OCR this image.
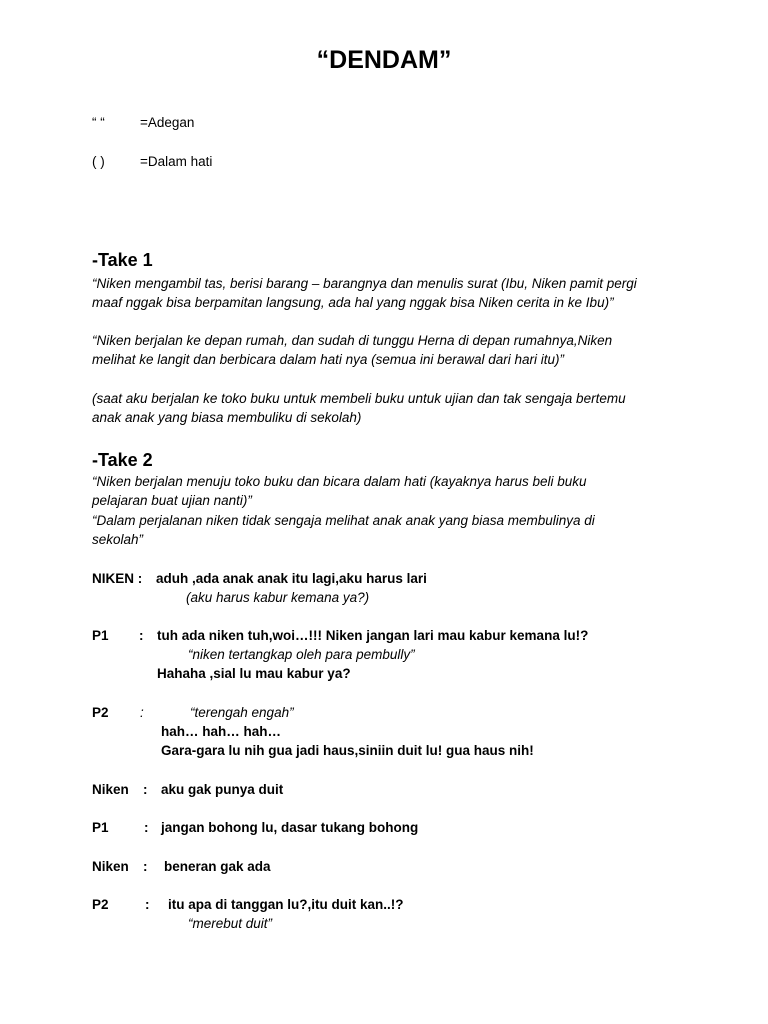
“DENDAM”
“ “	=Adegan
( )	=Dalam hati
-Take 1
“Niken mengambil tas, berisi barang – barangnya dan menulis surat (Ibu, Niken pamit pergi
maaf nggak bisa berpamitan langsung, ada hal yang nggak bisa Niken cerita in ke Ibu)”
“Niken berjalan ke depan rumah, dan sudah di tunggu Herna di depan rumahnya,Niken
melihat ke langit dan berbicara dalam hati nya (semua ini berawal dari hari itu)”
(saat aku berjalan ke toko buku untuk membeli buku untuk ujian dan tak sengaja bertemu
anak anak yang biasa membuliku di sekolah)
-Take 2
“Niken berjalan menuju toko buku dan bicara dalam hati (kayaknya harus beli buku
pelajaran buat ujian nanti)”
“Dalam perjalanan niken tidak sengaja melihat anak anak yang biasa membulinya di
sekolah”
NIKEN : aduh ,ada anak anak itu lagi,aku harus lari
(aku harus kabur kemana ya?)
P1 : tuh ada niken tuh,woi…!!! Niken jangan lari mau kabur kemana lu!?
“niken tertangkap oleh para pembully”
Hahaha ,sial lu mau kabur ya?
P2 :	“terengah engah”
hah… hah… hah…
Gara-gara lu nih gua jadi haus,siniin duit lu! gua haus nih!
Niken : aku gak punya duit
P1	: jangan bohong lu, dasar tukang bohong
Niken : beneran gak ada
P2	: itu apa di tanggan lu?,itu duit kan..!?
“merebut duit”
